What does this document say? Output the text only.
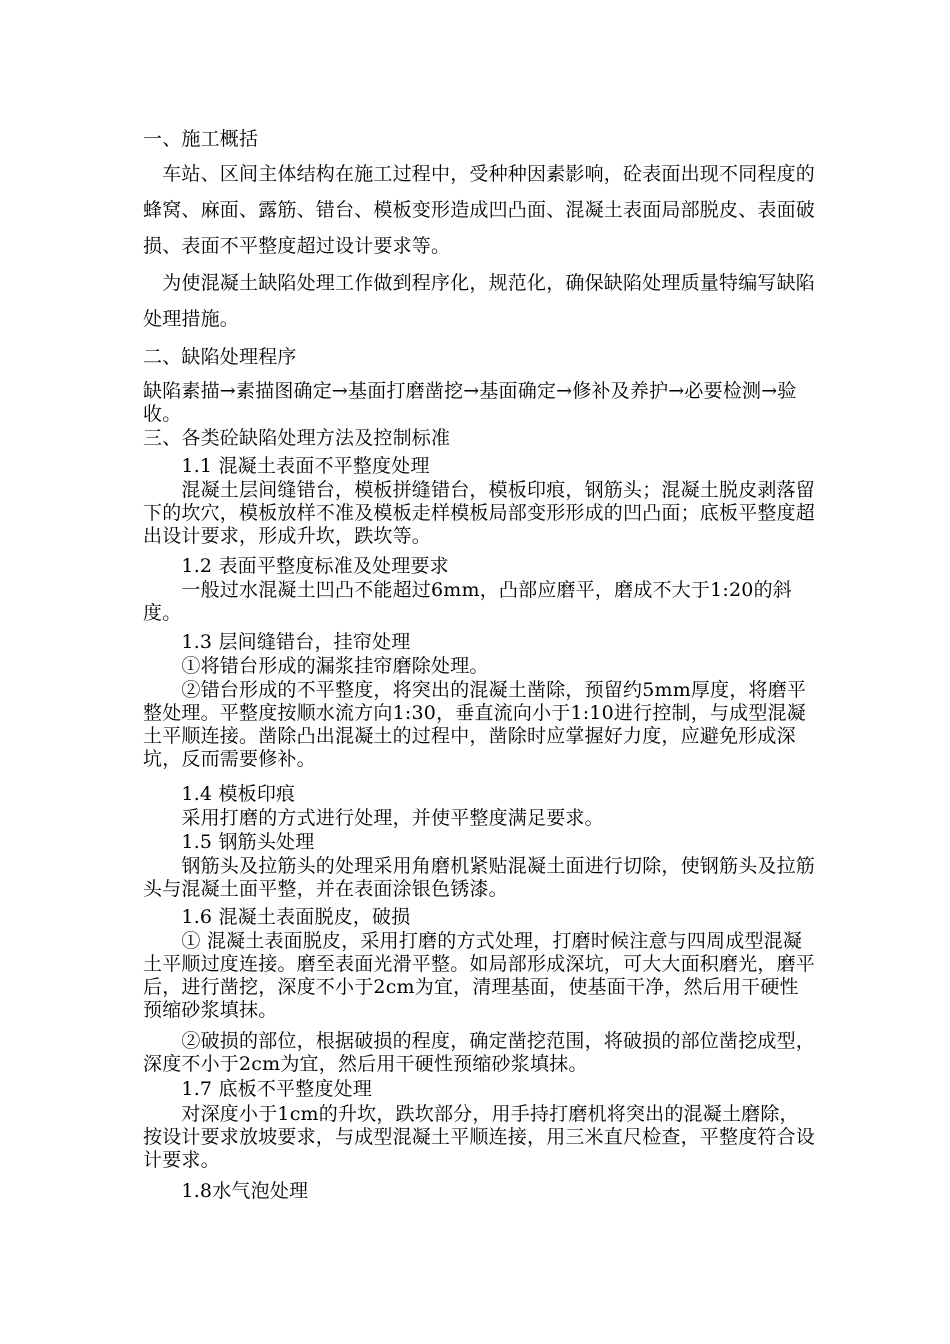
一、施工概括

　车站、区间主体结构在施工过程中，受种种因素影响，砼表面出现不同程度的蜂窝、麻面、露筋、错台、模板变形造成凹凸面、混凝土表面局部脱皮、表面破损、表面不平整度超过设计要求等。

　为使混凝土缺陷处理工作做到程序化，规范化，确保缺陷处理质量特编写缺陷处理措施。

二、缺陷处理程序

缺陷素描→素描图确定→基面打磨凿挖→基面确定→修补及养护→必要检测→验收。

三、各类砼缺陷处理方法及控制标准

　　1.1 混凝土表面不平整度处理

　　混凝土层间缝错台，模板拼缝错台，模板印痕，钢筋头；混凝土脱皮剥落留下的坎穴，模板放样不准及模板走样模板局部变形形成的凹凸面；底板平整度超出设计要求，形成升坎，跌坎等。

　　1.2 表面平整度标准及处理要求

　　一般过水混凝土凹凸不能超过6mm，凸部应磨平，磨成不大于1:20的斜度。

　　1.3 层间缝错台，挂帘处理

　　①将错台形成的漏浆挂帘磨除处理。

　　②错台形成的不平整度，将突出的混凝土凿除，预留约5mm厚度，将磨平整处理。平整度按顺水流方向1:30，垂直流向小于1:10进行控制，与成型混凝土平顺连接。凿除凸出混凝土的过程中，凿除时应掌握好力度，应避免形成深坑，反而需要修补。

　　1.4 模板印痕

　　采用打磨的方式进行处理，并使平整度满足要求。

　　1.5 钢筋头处理

　　钢筋头及拉筋头的处理采用角磨机紧贴混凝土面进行切除，使钢筋头及拉筋头与混凝土面平整，并在表面涂银色锈漆。

　　1.6 混凝土表面脱皮，破损

　　① 混凝土表面脱皮，采用打磨的方式处理，打磨时候注意与四周成型混凝土平顺过度连接。磨至表面光滑平整。如局部形成深坑，可大大面积磨光，磨平后，进行凿挖，深度不小于2cm为宜，清理基面，使基面干净，然后用干硬性预缩砂浆填抹。

　　②破损的部位，根据破损的程度，确定凿挖范围，将破损的部位凿挖成型，深度不小于2cm为宜，然后用干硬性预缩砂浆填抹。

　　1.7 底板不平整度处理

　　对深度小于1cm的升坎，跌坎部分，用手持打磨机将突出的混凝土磨除，按设计要求放坡要求，与成型混凝土平顺连接，用三米直尺检查，平整度符合设计要求。

　　1.8水气泡处理
